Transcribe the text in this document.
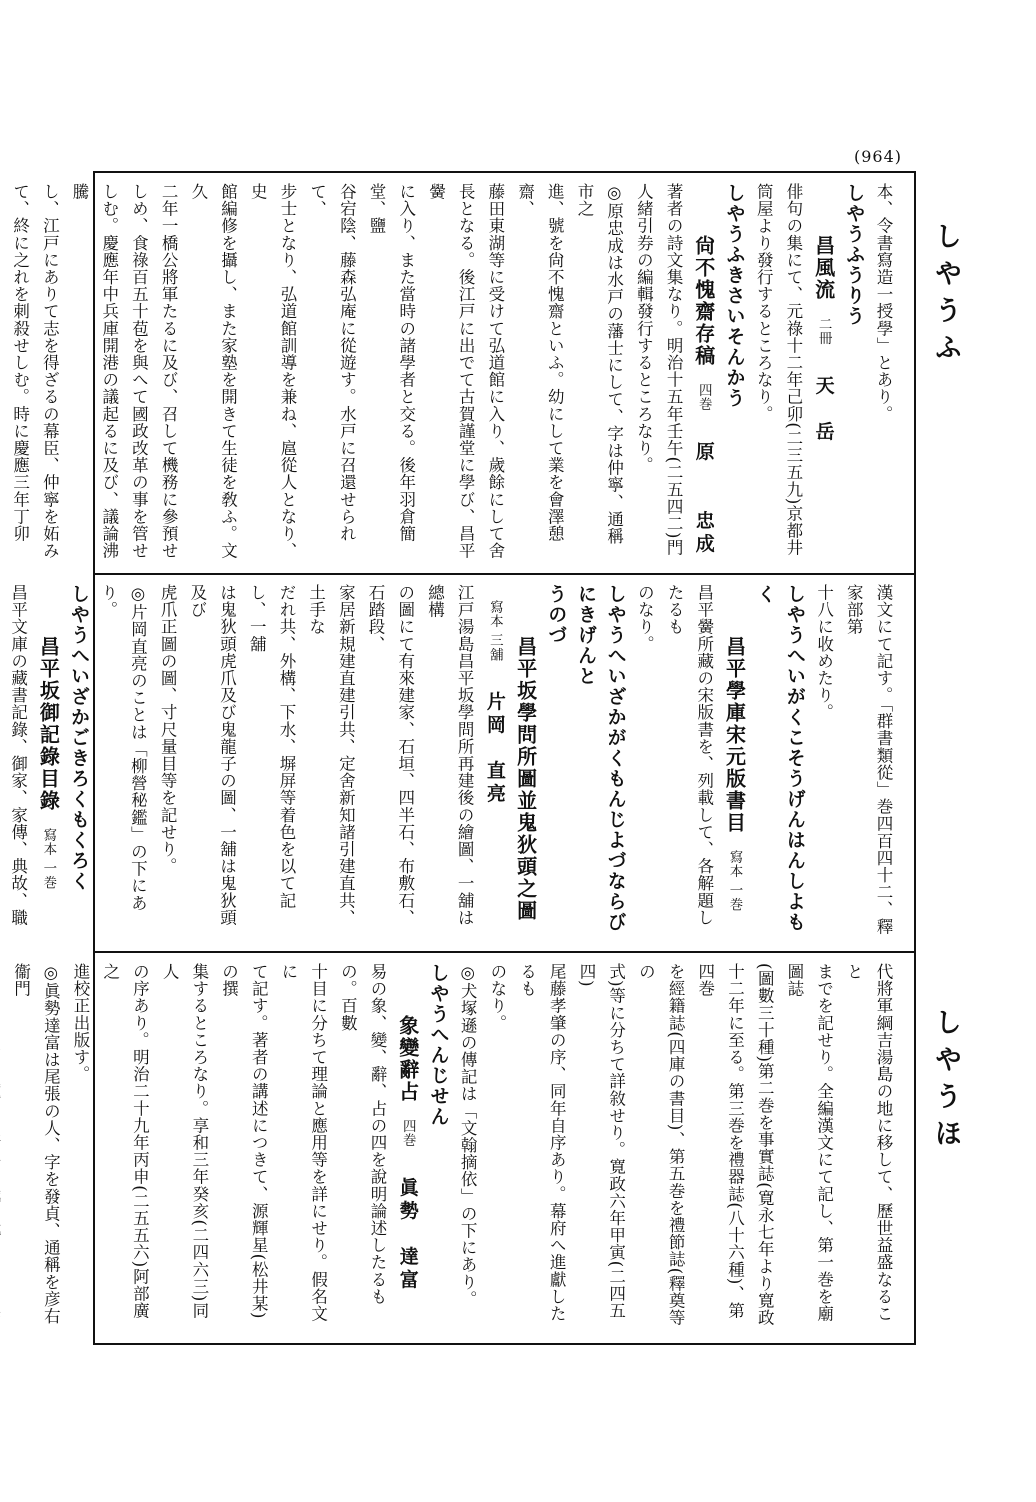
(964)
しやうふ
しやうほ
本、令書寫造一授學」とあり。
しやうふうりう
昌風流二冊天　岳
俳句の集にて、元祿十二年己卯(二三五九)京都井
筒屋より發行するところなり。
しやうふきさいそんかう
尙不愧齋存稿四巻原　　忠成
著者の詩文集なり。明治十五年壬午(二五四二)門
人緒引券の編輯發行するところなり。
◎原忠成は水戸の藩士にして、字は仲寧、通稱市之
進、號を尙不愧齋といふ。幼にして業を會澤憩齋、
藤田東湖等に受けて弘道館に入り、歲餘にして舍
長となる。後江戸に出でて古賀謹堂に學び、昌平黌
に入り、また當時の諸學者と交る。後年羽倉簡堂、鹽
谷宕陰、藤森弘庵に從遊す。水戸に召還せられて、
步士となり、弘道館訓導を兼ね、扈從人となり、史
館編修を攝し、また家塾を開きて生徒を敎ふ。文久
二年一橋公將軍たるに及び、召して機務に參預せ
しめ、食祿百五十苞を與へて國政改革の事を管せ
しむ。慶應年中兵庫開港の議起るに及び、議論沸騰
し、江戸にありて志を得ざるの幕臣、仲寧を妬み
て、終に之れを刺殺せしむ。時に慶應三年丁卯
漢文にて記す。「群書類從」巻四百四十二、釋家部第
十八に收めたり。
しやうへいがくこそうげんはんしよもく
昌平學庫宋元版書目寫本 一巻
昌平黌所藏の宋版書を、列載して、各解題したるも
のなり。
しやうへいざかがくもんじよづならびにきげんと
うのづ
昌平坂學問所圖並鬼狄頭之圖寫本 三舖片岡　直亮
江戸湯島昌平坂學問所再建後の繪圖、一舖は總構
の圖にて有來建家、石垣、四半石、布敷石、石踏段、
家居新規建直建引共、定舍新知諸引建直共、土手な
だれ共、外構、下水、塀屏等着色を以て記し、一舖
は鬼狄頭虎爪及び鬼龍子の圖、一舖は鬼狄頭及び
虎爪正圖の圖、寸尺量目等を記せり。
◎片岡直亮のことは「柳營秘鑑」の下にあり。
しやうへいざかごきろくもくろく
昌平坂御記錄目錄寫本 一巻
昌平文庫の藏書記錄、御家、家傳、典故、職
代將軍綱吉湯島の地に移して、歷世益盛なること
までを記せり。全編漢文にて記し、第一巻を廟圖誌
(圖數三十種)第二巻を事實誌(寛永七年より寛政
十二年に至る。第三巻を禮器誌(八十六種)、第四巻
を經籍誌(四庫の書目)、第五巻を禮節誌(釋奠等の
式)等に分ちて詳敘せり。寛政六年甲寅(二四五四)
尾藤孝肇の序、同年自序あり。幕府へ進獻したるも
のなり。
◎犬塚遜の傳記は「文翰摘依」の下にあり。
しやうへんじせん
象變辭占四巻眞勢　達富
易の象、變、辭、占の四を說明論述したるもの。百數
十目に分ちて理論と應用等を詳にせり。假名文に
て記す。著者の講述につきて、源輝星(松井某)の撰
集するところなり。享和三年癸亥(二四六三)同人
の序あり。明治二十九年丙申(二五五六)阿部廣之
進校正出版す。
◎眞勢達富は尾張の人、字を發貞、通稱を彦右衞門
